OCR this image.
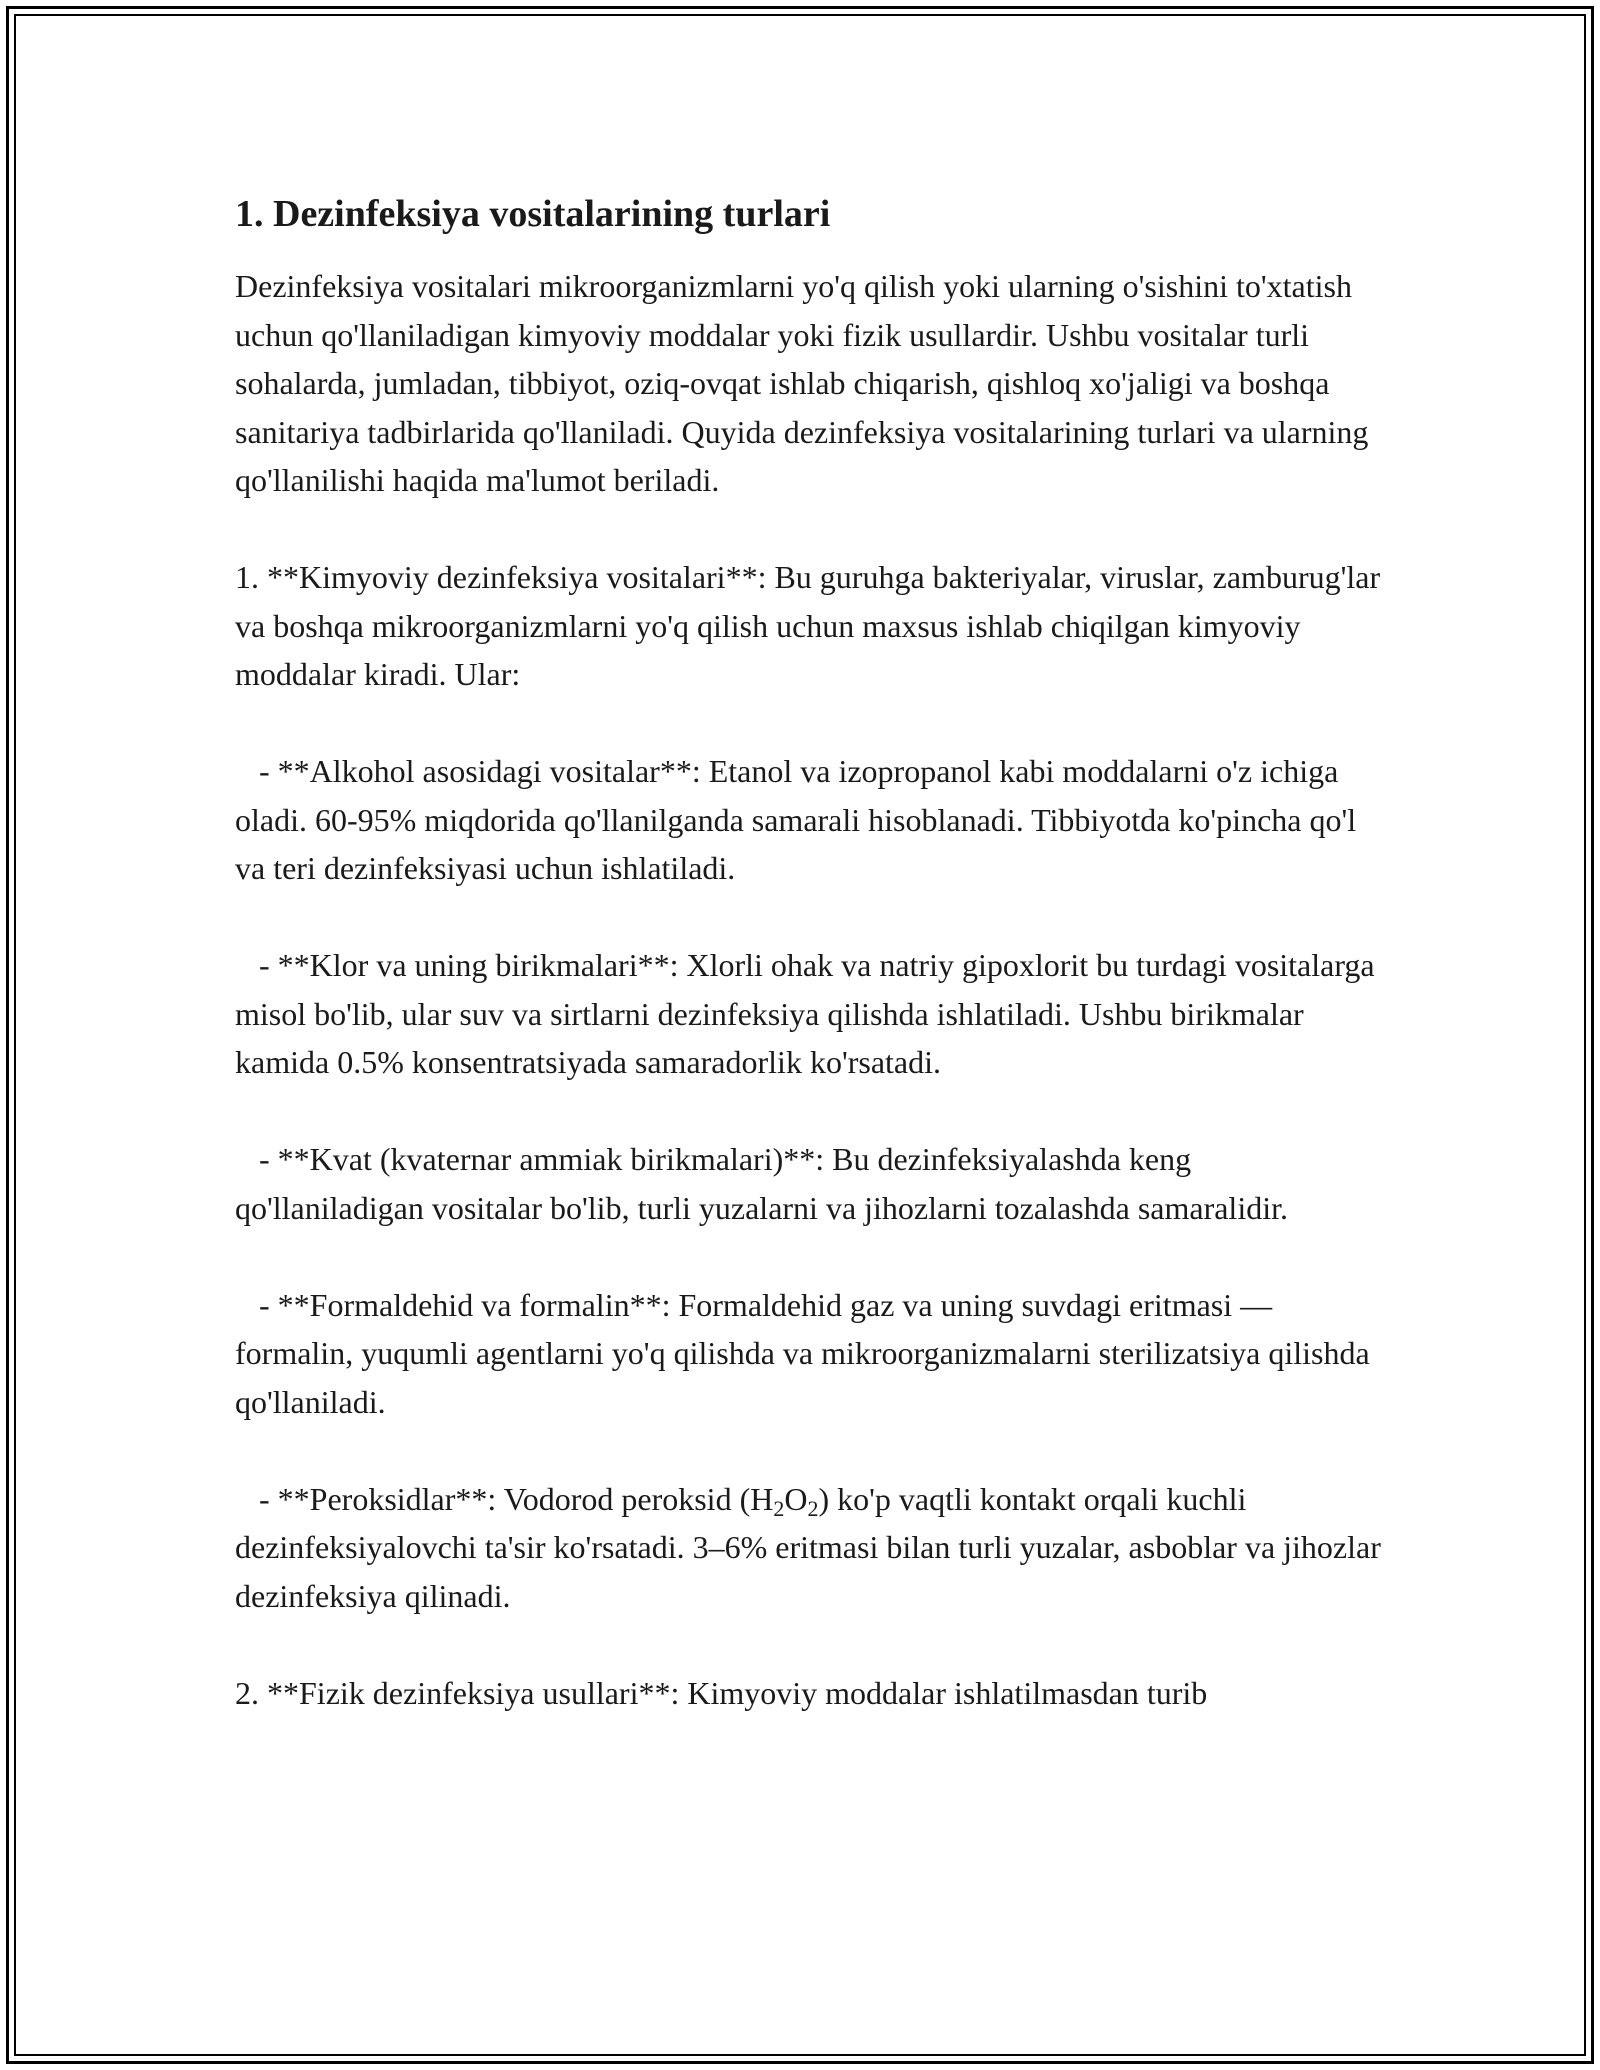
1. Dezinfeksiya vositalarining turlari

Dezinfeksiya vositalari mikroorganizmlarni yo'q qilish yoki ularning o'sishini to'xtatish uchun qo'llaniladigan kimyoviy moddalar yoki fizik usullardir. Ushbu vositalar turli sohalarda, jumladan, tibbiyot, oziq-ovqat ishlab chiqarish, qishloq xo'jaligi va boshqa sanitariya tadbirlarida qo'llaniladi. Quyida dezinfeksiya vositalarining turlari va ularning qo'llanilishi haqida ma'lumot beriladi.

1. **Kimyoviy dezinfeksiya vositalari**: Bu guruhga bakteriyalar, viruslar, zamburug'lar va boshqa mikroorganizmlarni yo'q qilish uchun maxsus ishlab chiqilgan kimyoviy moddalar kiradi. Ular:

- **Alkohol asosidagi vositalar**: Etanol va izopropanol kabi moddalarni o'z ichiga oladi. 60-95% miqdorida qo'llanilganda samarali hisoblanadi. Tibbiyotda ko'pincha qo'l va teri dezinfeksiyasi uchun ishlatiladi.

- **Klor va uning birikmalari**: Xlorli ohak va natriy gipoxlorit bu turdagi vositalarga misol bo'lib, ular suv va sirtlarni dezinfeksiya qilishda ishlatiladi. Ushbu birikmalar kamida 0.5% konsentratsiyada samaradorlik ko'rsatadi.

- **Kvat (kvaternar ammiak birikmalari)**: Bu dezinfeksiyalashda keng qo'llaniladigan vositalar bo'lib, turli yuzalarni va jihozlarni tozalashda samaralidir.

- **Formaldehid va formalin**: Formaldehid gaz va uning suvdagi eritmasi — formalin, yuqumli agentlarni yo'q qilishda va mikroorganizmalarni sterilizatsiya qilishda qo'llaniladi.

- **Peroksidlar**: Vodorod peroksid $(H_2O_2)$ ko'p vaqtli kontakt orqali kuchli dezinfeksiyalovchi ta'sir ko'rsatadi. 3–6% eritmasi bilan turli yuzalar, asboblar va jihozlar dezinfeksiya qilinadi.

2. **Fizik dezinfeksiya usullari**: Kimyoviy moddalar ishlatilmasdan turib
